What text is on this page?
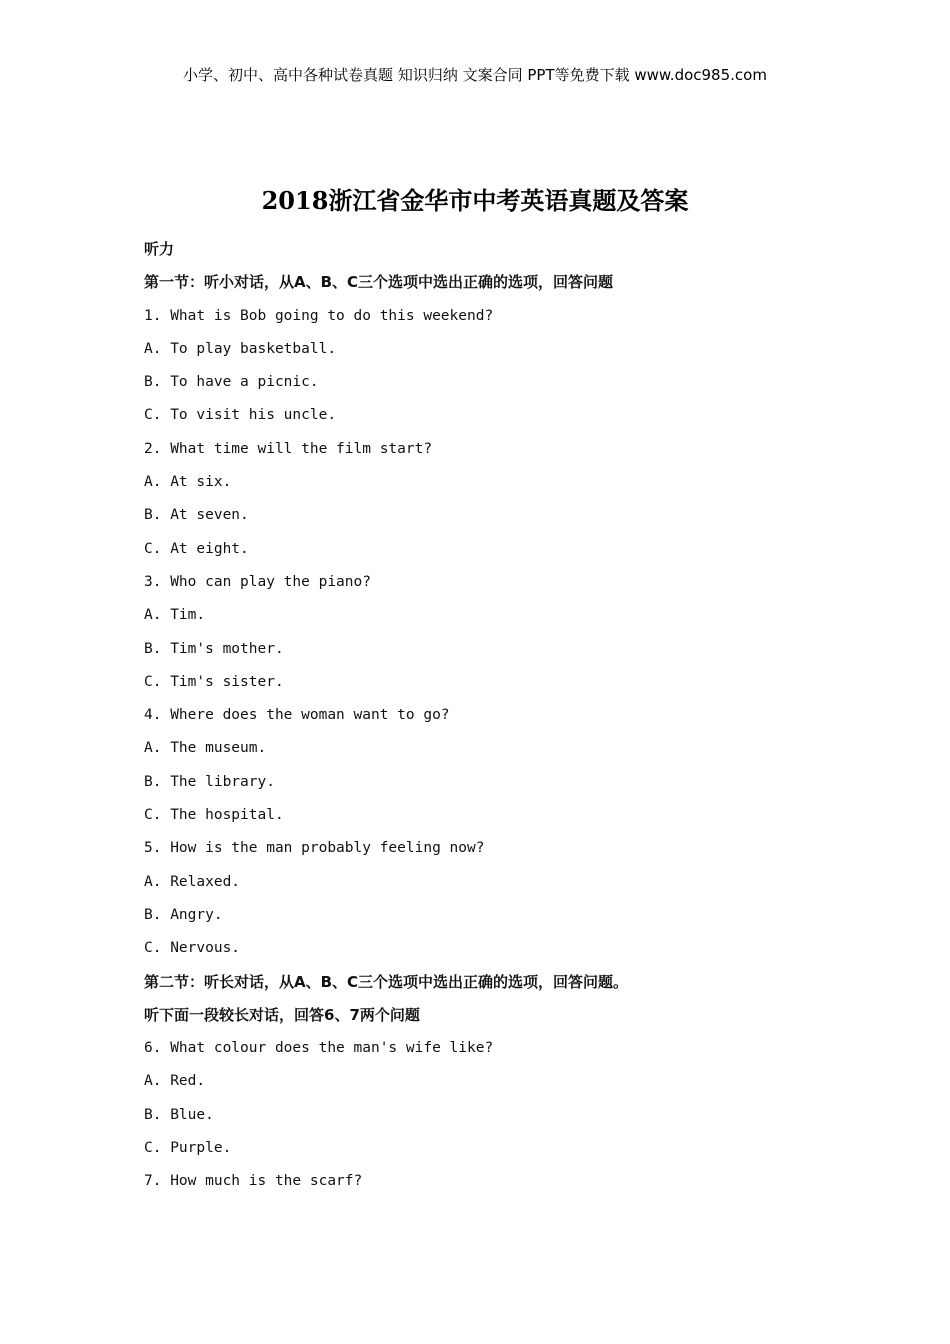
小学、初中、高中各种试卷真题 知识归纳 文案合同 PPT等免费下载 www.doc985.com
2018浙江省金华市中考英语真题及答案
听力
第一节：听小对话，从A、B、C三个选项中选出正确的选项，回答问题
1. What is Bob going to do this weekend?
A. To play basketball.
B. To have a picnic.
C. To visit his uncle.
2. What time will the film start?
A. At six.
B. At seven.
C. At eight.
3. Who can play the piano?
A. Tim.
B. Tim's mother.
C. Tim's sister.
4. Where does the woman want to go?
A. The museum.
B. The library.
C. The hospital.
5. How is the man probably feeling now?
A. Relaxed.
B. Angry.
C. Nervous.
第二节：听长对话，从A、B、C三个选项中选出正确的选项，回答问题。
听下面一段较长对话，回答6、7两个问题
6. What colour does the man's wife like?
A. Red.
B. Blue.
C. Purple.
7. How much is the scarf?
